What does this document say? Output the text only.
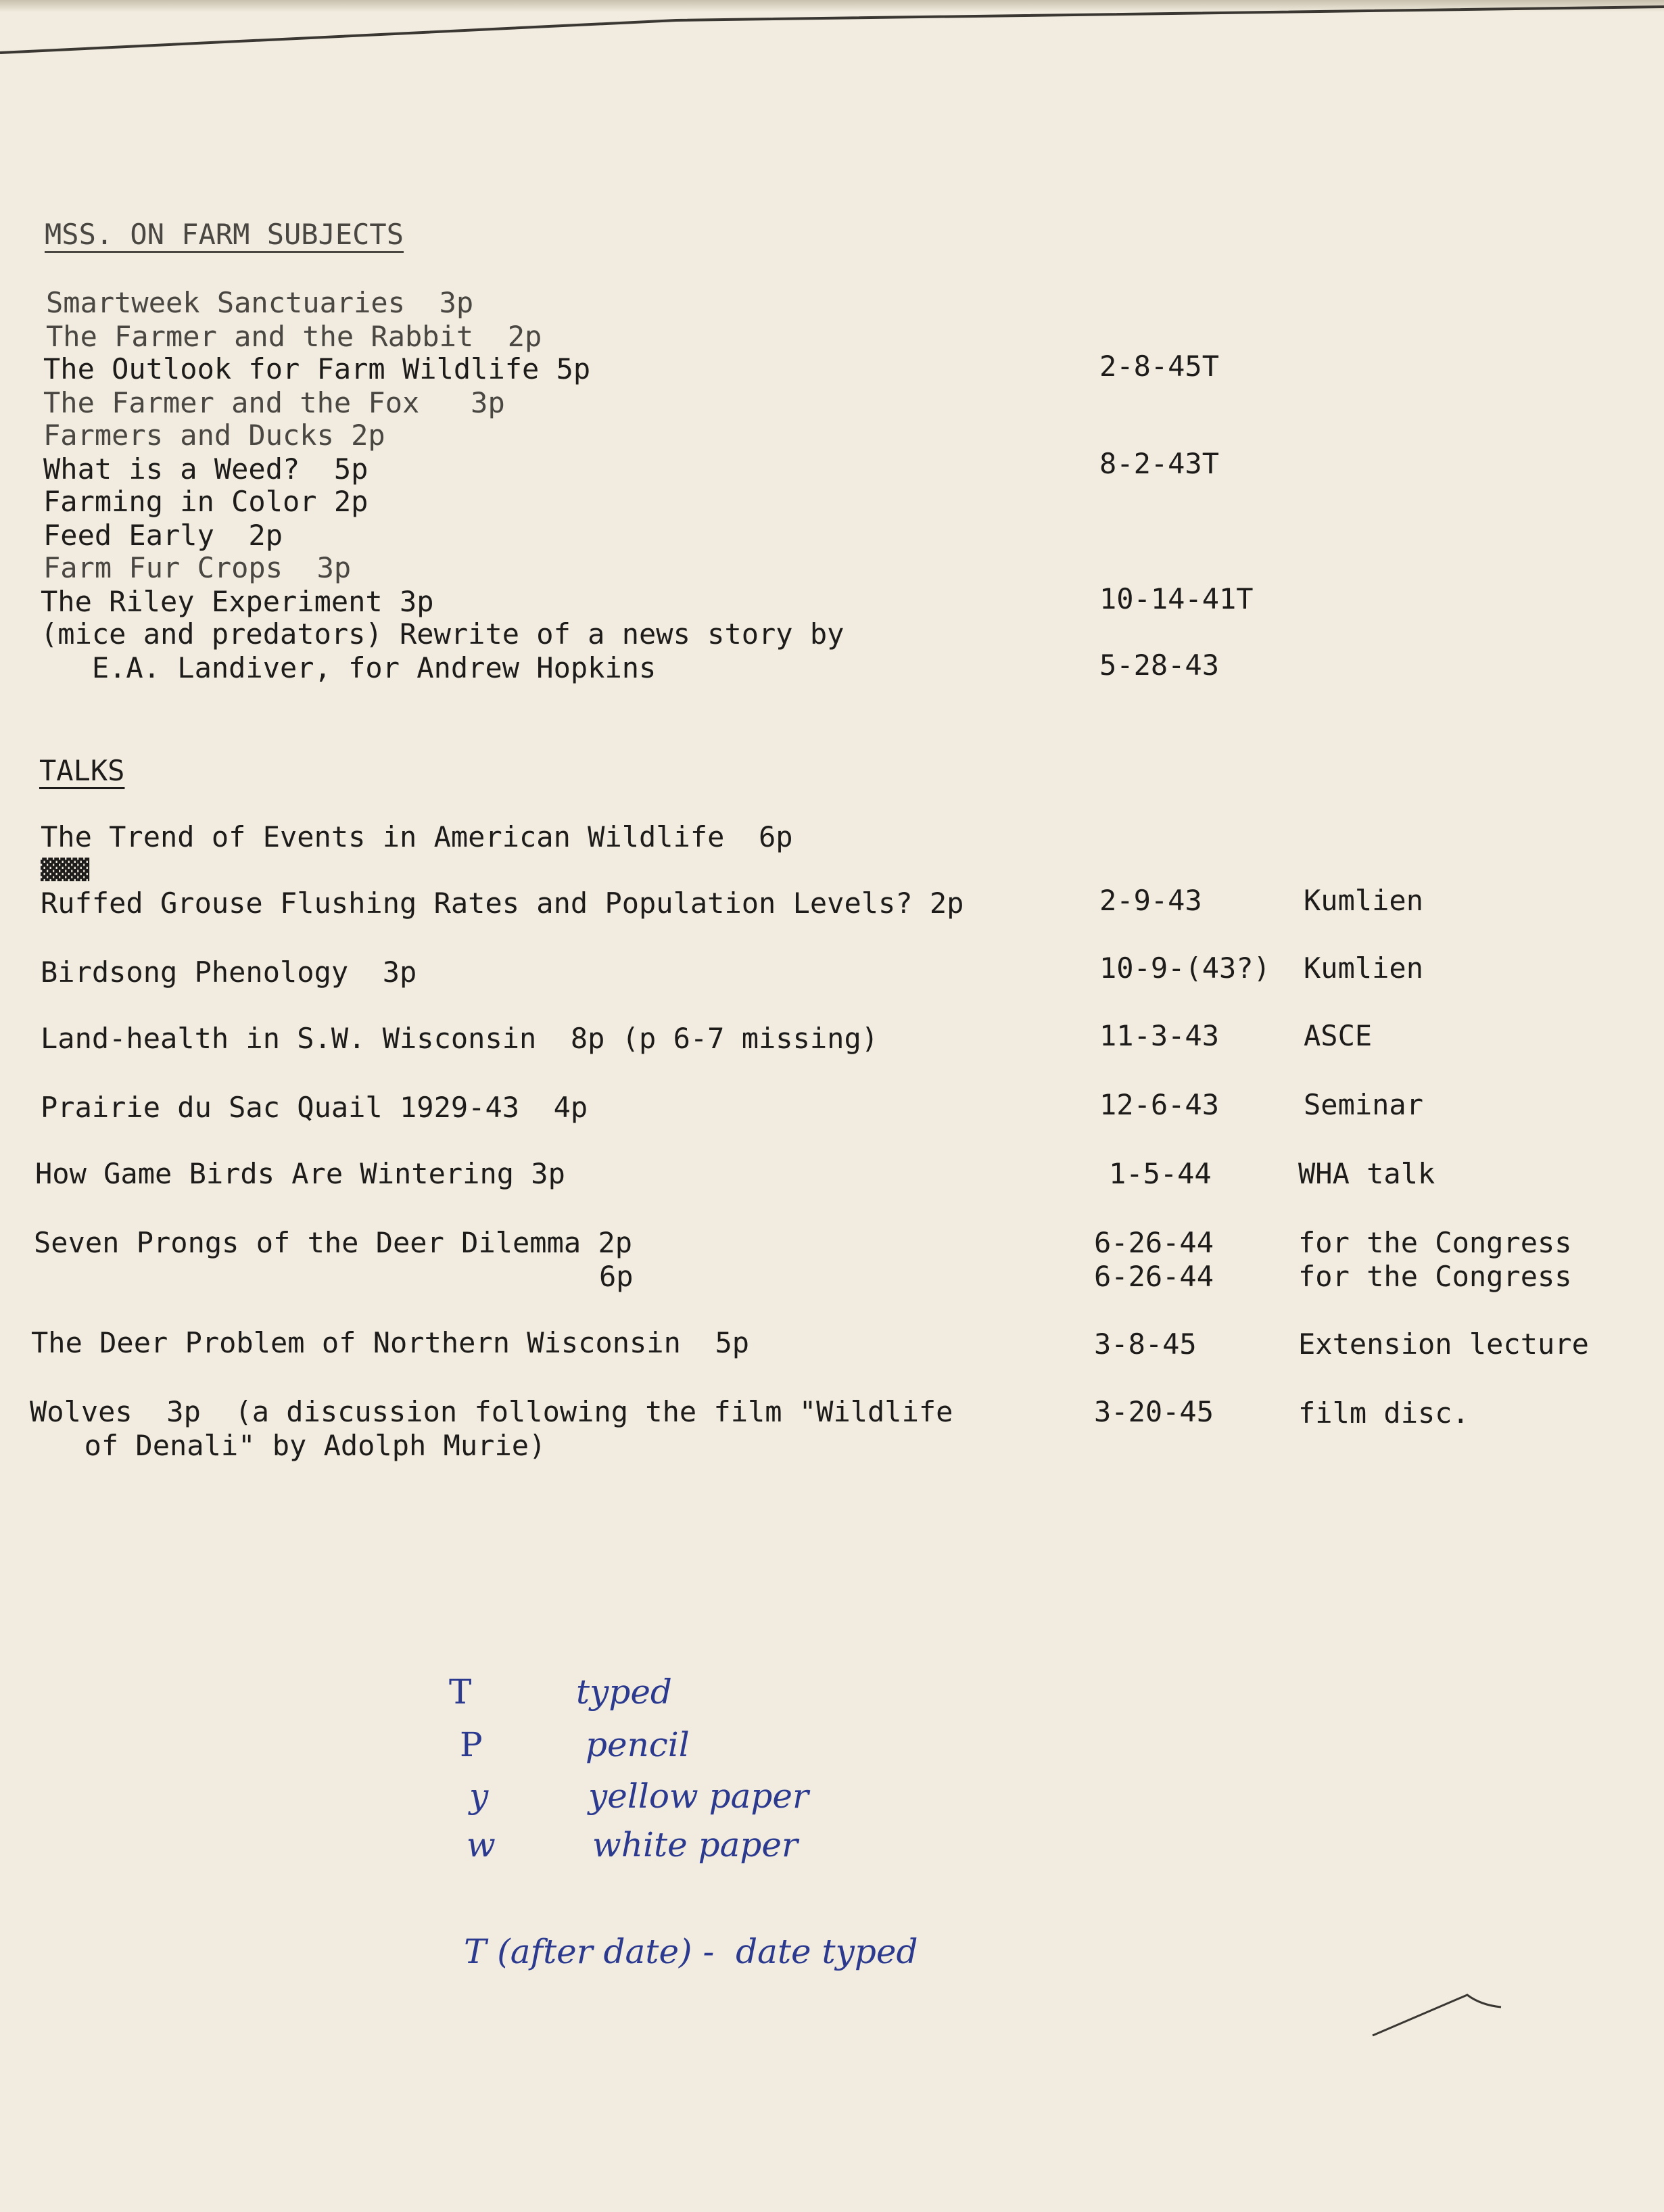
MSS. ON FARM SUBJECTS
Smartweek Sanctuaries  3p
The Farmer and the Rabbit  2p
The Outlook for Farm Wildlife 5p	2-8-45T
The Farmer and the Fox   3p
Farmers and Ducks 2p
What is a Weed?  5p	8-2-43T
Farming in Color 2p
Feed Early  2p
Farm Fur Crops  3p
The Riley Experiment 3p	10-14-41T
(mice and predators) Rewrite of a news story by
E.A. Landiver, for Andrew Hopkins	5-28-43
TALKS
The Trend of Events in American Wildlife  6p
▓▓▓▓
Ruffed Grouse Flushing Rates and Population Levels? 2p	2-9-43	Kumlien
Birdsong Phenology  3p	10-9-(43?) Kumlien
Land-health in S.W. Wisconsin  8p (p 6-7 missing)	11-3-43	ASCE
Prairie du Sac Quail 1929-43  4p	12-6-43	Seminar
How Game Birds Are Wintering 3p	1-5-44	WHA talk
Seven Prongs of the Deer Dilemma 2p	6-26-44	for the Congress
6p	6-26-44	for the Congress
The Deer Problem of Northern Wisconsin  5p	3-8-45	Extension lecture
Wolves  3p  (a discussion following the film "Wildlife	3-20-45	film disc.
of Denali" by Adolph Murie)
T	typed
P	pencil
y	yellow paper
w	white paper
T (after date) -  date typed
